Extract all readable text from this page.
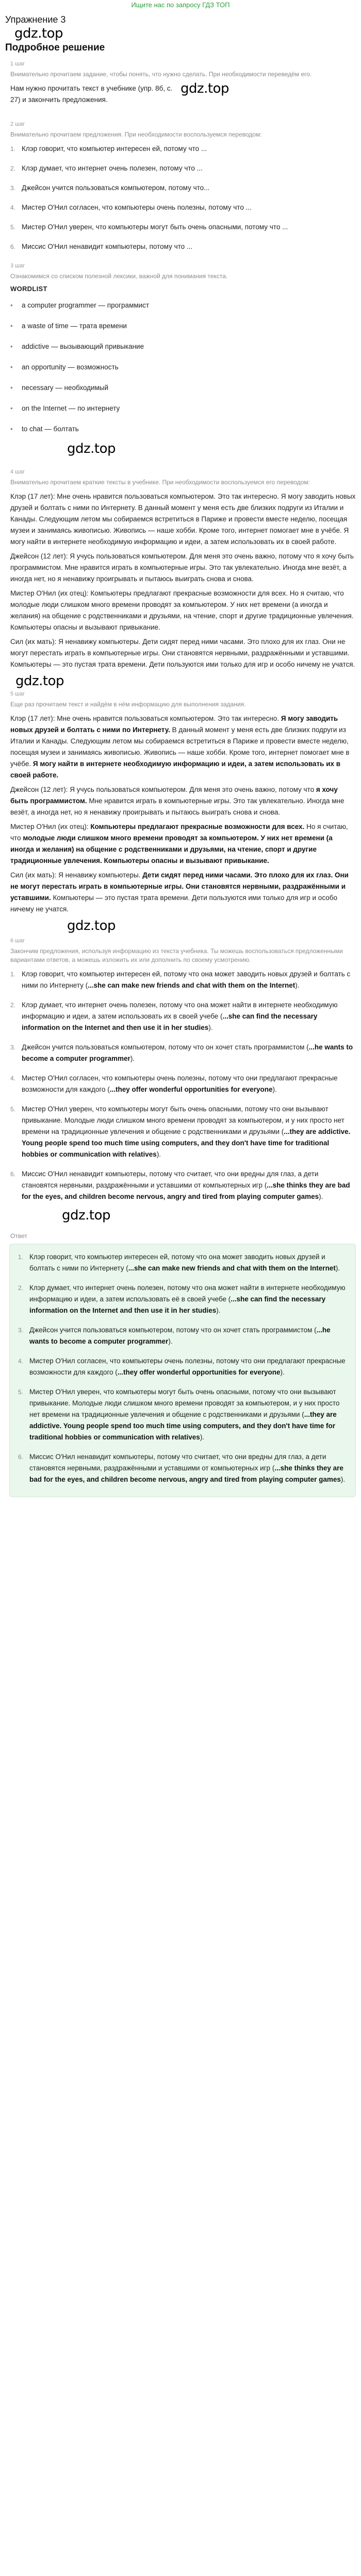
Ищите нас по запросу ГДЗ ТОП
Упражнение 3
gdz.top
Подробное решение
1 шаг
Внимательно прочитаем задание, чтобы понять, что нужно сделать. При необходимости переведём его.
Нам нужно прочитать текст в учебнике (упр. 8б, с. 27) и закончить предложения.
gdz.top
2 шаг
Внимательно прочитаем предложения. При необходимости воспользуемся переводом:
1. Клэр говорит, что компьютер интересен ей, потому что ...
2. Клэр думает, что интернет очень полезен, потому что ...
3. Джейсон учится пользоваться компьютером, потому что...
4. Мистер О'Нил согласен, что компьютеры очень полезны, потому что ...
5. Мистер О'Нил уверен, что компьютеры могут быть очень опасными, потому что ...
6. Миссис О'Нил ненавидит компьютеры, потому что ...
3 шаг
Ознакомимся со списком полезной лексики, важной для понимания текста.
WORDLIST
•	a computer programmer — программист
•	a waste of time — трата времени
•	addictive — вызывающий привыкание
•	an opportunity — возможность
•	necessary — необходимый
•	on the Internet — по интернету
•	to chat — болтать
gdz.top
4 шаг
Внимательно прочитаем краткие тексты в учебнике. При необходимости воспользуемся его переводом:
Клэр (17 лет): Мне очень нравится пользоваться компьютером. Это так интересно. Я могу заводить новых друзей и болтать с ними по Интернету. В данный момент у меня есть две близких подруги из Италии и Канады. Следующим летом мы собираемся встретиться в Париже и провести вместе неделю, посещая музеи и занимаясь живописью. Живопись — наше хобби. Кроме того, интернет помогает мне в учёбе. Я могу найти в интернете необходимую информацию и идеи, а затем использовать их в своей работе.
Джейсон (12 лет): Я учусь пользоваться компьютером. Для меня это очень важно, потому что я хочу быть программистом. Мне нравится играть в компьютерные игры. Это так увлекательно. Иногда мне везёт, а иногда нет, но я ненавижу проигрывать и пытаюсь выиграть снова и снова.
Мистер О'Нил (их отец): Компьютеры предлагают прекрасные возможности для всех. Но я считаю, что молодые люди слишком много времени проводят за компьютером. У них нет времени (а иногда и желания) на общение с родственниками и друзьями, на чтение, спорт и другие традиционные увлечения. Компьютеры опасны и вызывают привыкание.
Сил (их мать): Я ненавижу компьютеры. Дети сидят перед ними часами. Это плохо для их глаз. Они не могут перестать играть в компьютерные игры. Они становятся нервными, раздражёнными и уставшими. Компьютеры — это пустая трата времени. Дети пользуются ими только для игр и особо ничему не учатся.
gdz.top
5 шаг
Еще раз прочитаем текст и найдём в нём информацию для выполнения задания.
Клэр (17 лет): Мне очень нравится пользоваться компьютером. Это так интересно. Я могу заводить новых друзей и болтать с ними по Интернету. В данный момент у меня есть две близких подруги из Италии и Канады. Следующим летом мы собираемся встретиться в Париже и провести вместе неделю, посещая музеи и занимаясь живописью. Живопись — наше хобби. Кроме того, интернет помогает мне в учёбе. Я могу найти в интернете необходимую информацию и идеи, а затем использовать их в своей работе.
Джейсон (12 лет): Я учусь пользоваться компьютером. Для меня это очень важно, потому что я хочу быть программистом. Мне нравится играть в компьютерные игры. Это так увлекательно. Иногда мне везёт, а иногда нет, но я ненавижу проигрывать и пытаюсь выиграть снова и снова.
Мистер О'Нил (их отец): Компьютеры предлагают прекрасные возможности для всех. Но я считаю, что молодые люди слишком много времени проводят за компьютером. У них нет времени (а иногда и желания) на общение с родственниками и друзьями, на чтение, спорт и другие традиционные увлечения. Компьютеры опасны и вызывают привыкание.
Сил (их мать): Я ненавижу компьютеры. Дети сидят перед ними часами. Это плохо для их глаз. Они не могут перестать играть в компьютерные игры. Они становятся нервными, раздражёнными и уставшими. Компьютеры — это пустая трата времени. Дети пользуются ими только для игр и особо ничему не учатся.
gdz.top
6 шаг
Закончим предложения, используя информацию из текста учебника. Ты можешь воспользоваться предложенными вариантами ответов, а можешь изложить их или дополнить по своему усмотрению.
1. Клэр говорит, что компьютер интересен ей, потому что она может заводить новых друзей и болтать с ними по Интернету (...she can make new friends and chat with them on the Internet).
2. Клэр думает, что интернет очень полезен, потому что она может найти в интернете необходимую информацию и идеи, а затем использовать их в своей учебе (...she can find the necessary information on the Internet and then use it in her studies).
3. Джейсон учится пользоваться компьютером, потому что он хочет стать программистом (...he wants to become a computer programmer).
4. Мистер О'Нил согласен, что компьютеры очень полезны, потому что они предлагают прекрасные возможности для каждого (...they offer wonderful opportunities for everyone).
5. Мистер О'Нил уверен, что компьютеры могут быть очень опасными, потому что они вызывают привыкание. Молодые люди слишком много времени проводят за компьютером, и у них просто нет времени на традиционные увлечения и общение с родственниками и друзьями (...they are addictive. Young people spend too much time using computers, and they don't have time for traditional hobbies or communication with relatives).
6. Миссис О'Нил ненавидит компьютеры, потому что считает, что они вредны для глаз, а дети становятся нервными, раздражёнными и уставшими от компьютерных игр (...she thinks they are bad for the eyes, and children become nervous, angry and tired from playing computer games).
gdz.top
Ответ
1. Клэр говорит, что компьютер интересен ей, потому что она может заводить новых друзей и болтать с ними по Интернету (...she can make new friends and chat with them on the Internet).
2. Клэр думает, что интернет очень полезен, потому что она может найти в интернете необходимую информацию и идеи, а затем использовать её в своей учебе (...she can find the necessary information on the Internet and then use it in her studies).
3. Джейсон учится пользоваться компьютером, потому что он хочет стать программистом (...he wants to become a computer programmer).
4. Мистер О'Нил согласен, что компьютеры очень полезны, потому что они предлагают прекрасные возможности для каждого (...they offer wonderful opportunities for everyone).
5. Мистер О'Нил уверен, что компьютеры могут быть очень опасными, потому что они вызывают привыкание. Молодые люди слишком много времени проводят за компьютером, и у них просто нет времени на традиционные увлечения и общение с родственниками и друзьями (...they are addictive. Young people spend too much time using computers, and they don't have time for traditional hobbies or communication with relatives).
6. Миссис О'Нил ненавидит компьютеры, потому что считает, что они вредны для глаз, а дети становятся нервными, раздражёнными и уставшими от компьютерных игр (...she thinks they are bad for the eyes, and children become nervous, angry and tired from playing computer games).
